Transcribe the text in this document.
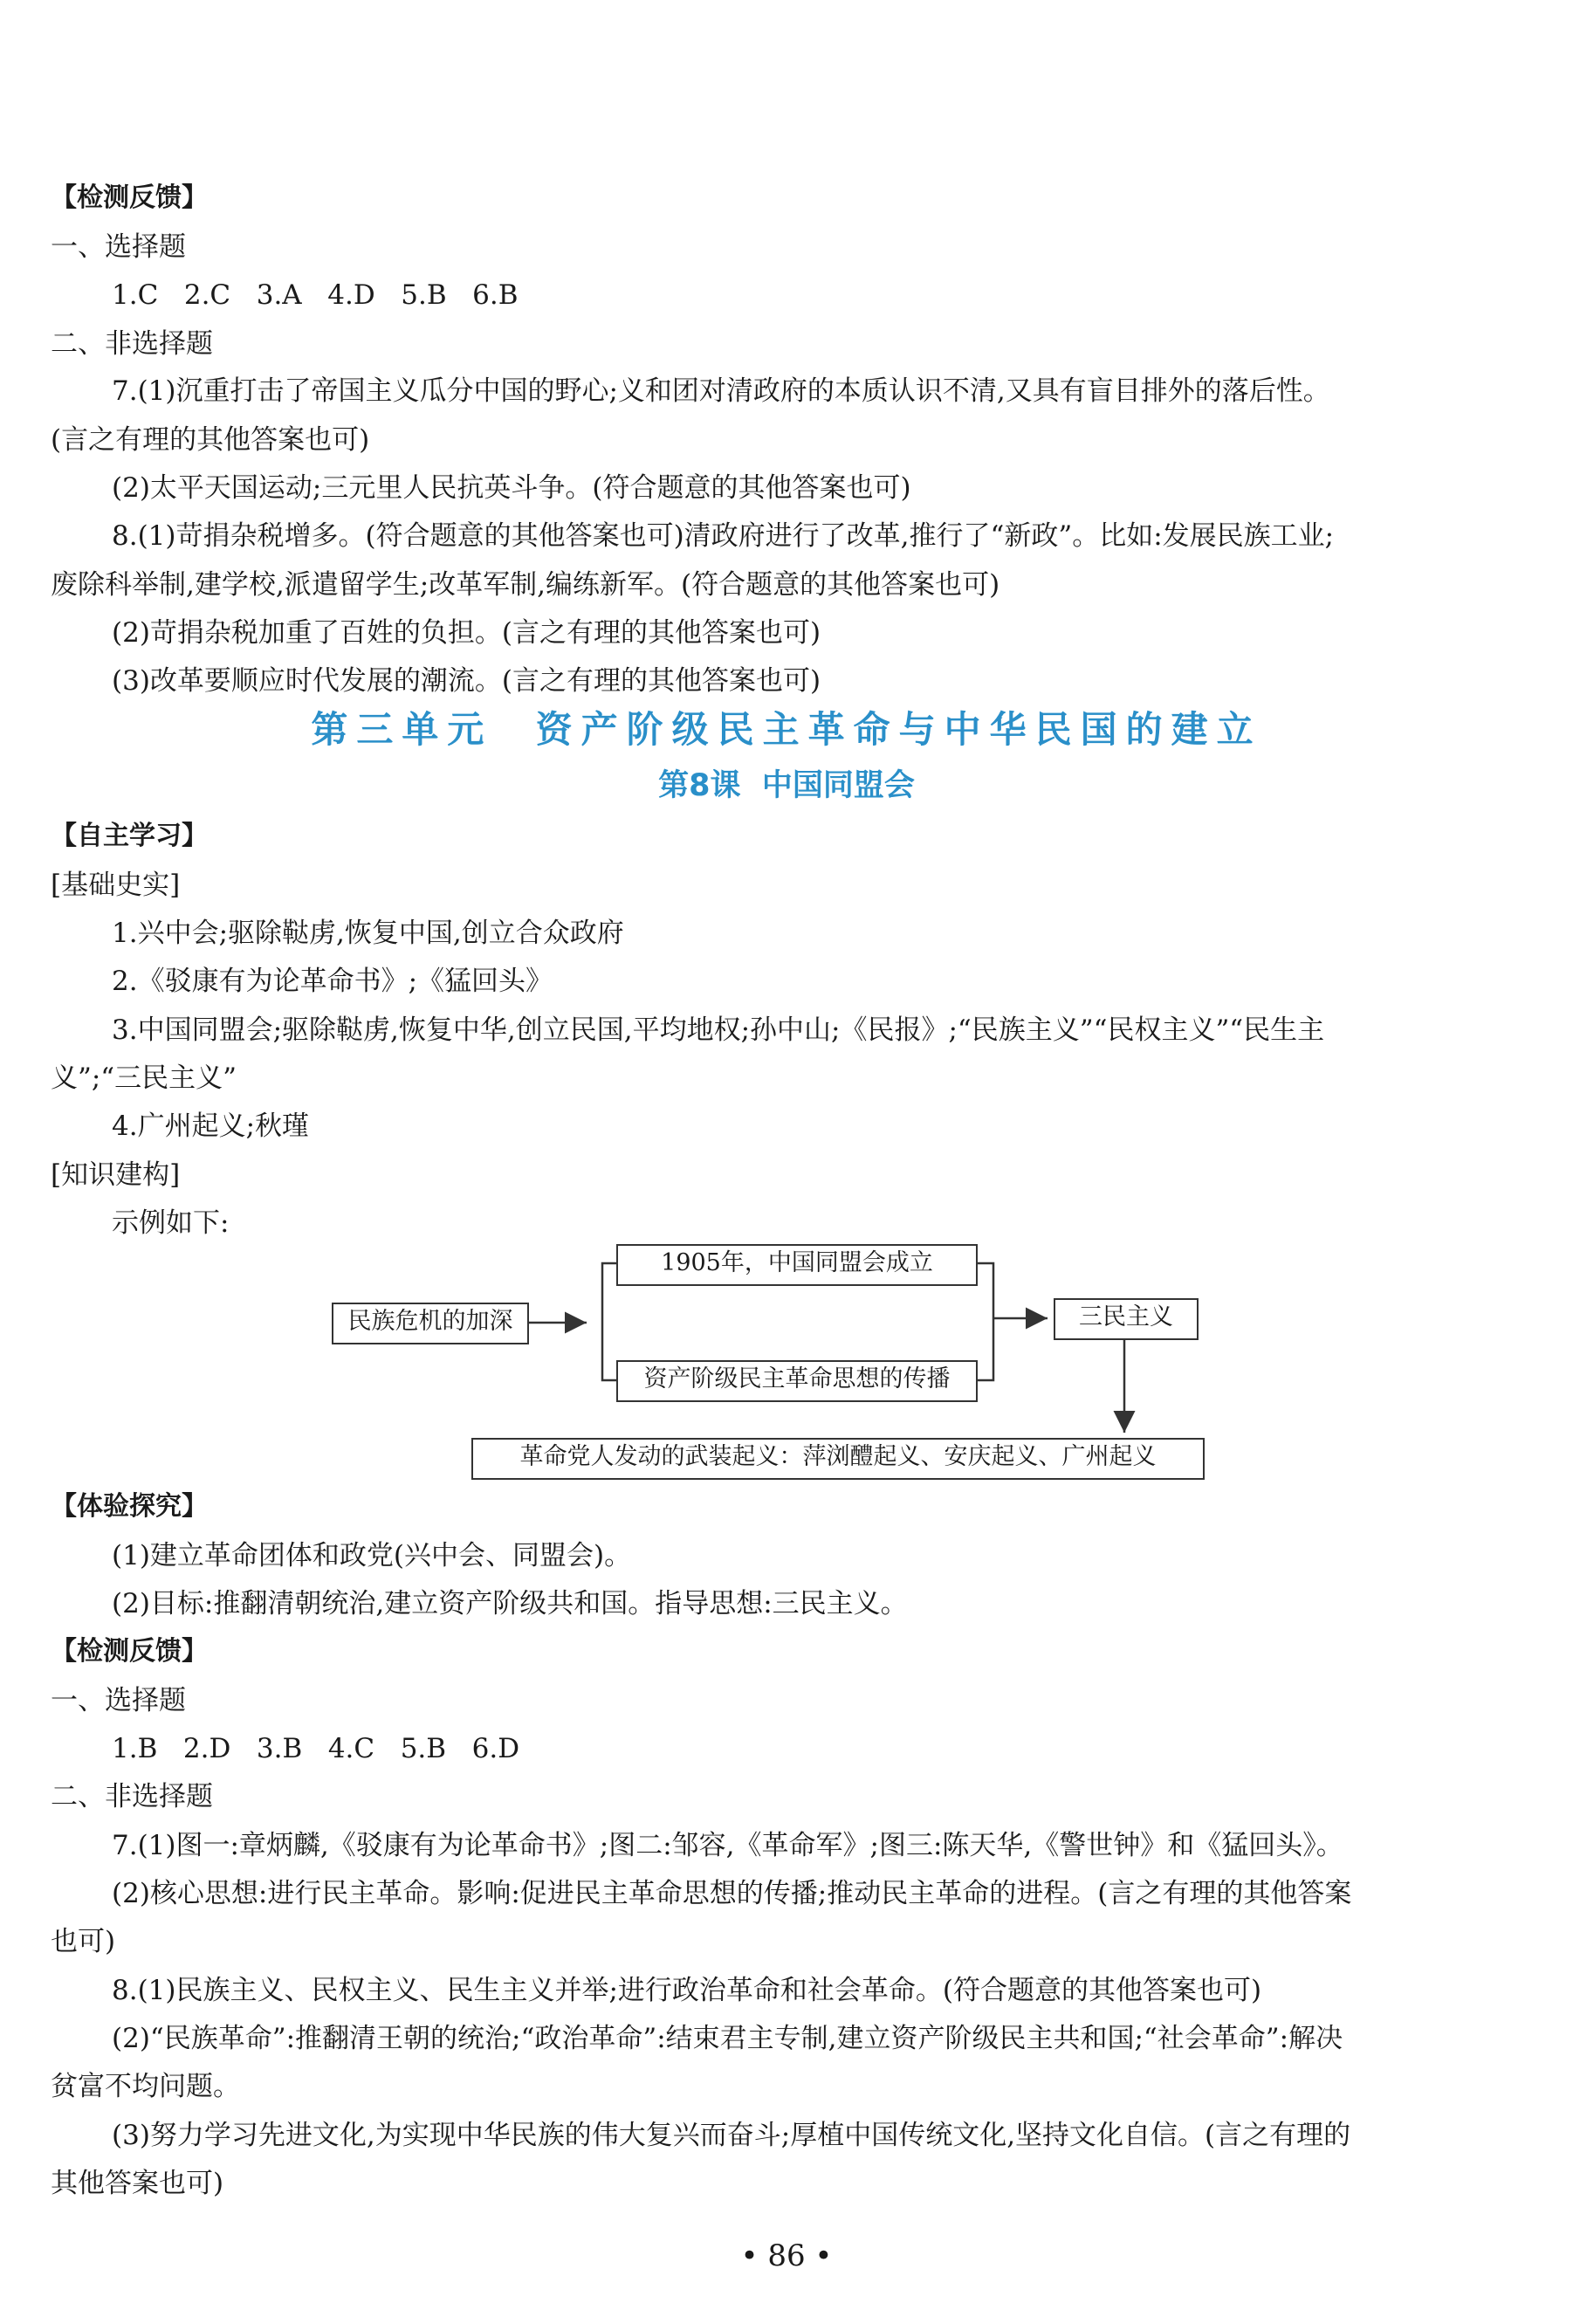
【检测反馈】
一、选择题
1.C   2.C   3.A   4.D   5.B   6.B
二、非选择题
7.(1)沉重打击了帝国主义瓜分中国的野心;义和团对清政府的本质认识不清,又具有盲目排外的落后性。
(言之有理的其他答案也可)
(2)太平天国运动;三元里人民抗英斗争。(符合题意的其他答案也可)
8.(1)苛捐杂税增多。(符合题意的其他答案也可)清政府进行了改革,推行了“新政”。比如:发展民族工业;
废除科举制,建学校,派遣留学生;改革军制,编练新军。(符合题意的其他答案也可)
(2)苛捐杂税加重了百姓的负担。(言之有理的其他答案也可)
(3)改革要顺应时代发展的潮流。(言之有理的其他答案也可)
第三单元  资产阶级民主革命与中华民国的建立
第8课  中国同盟会
【自主学习】
[基础史实]
1.兴中会;驱除鞑虏,恢复中国,创立合众政府
2.《驳康有为论革命书》;《猛回头》
3.中国同盟会;驱除鞑虏,恢复中华,创立民国,平均地权;孙中山;《民报》;“民族主义”“民权主义”“民生主
义”;“三民主义”
4.广州起义;秋瑾
[知识建构]
示例如下:
民族危机的加深
1905年，中国同盟会成立
资产阶级民主革命思想的传播
三民主义
革命党人发动的武装起义：萍浏醴起义、安庆起义、广州起义
【体验探究】
(1)建立革命团体和政党(兴中会、同盟会)。
(2)目标:推翻清朝统治,建立资产阶级共和国。指导思想:三民主义。
【检测反馈】
一、选择题
1.B   2.D   3.B   4.C   5.B   6.D
二、非选择题
7.(1)图一:章炳麟,《驳康有为论革命书》;图二:邹容,《革命军》;图三:陈天华,《警世钟》和《猛回头》。
(2)核心思想:进行民主革命。影响:促进民主革命思想的传播;推动民主革命的进程。(言之有理的其他答案
也可)
8.(1)民族主义、民权主义、民生主义并举;进行政治革命和社会革命。(符合题意的其他答案也可)
(2)“民族革命”:推翻清王朝的统治;“政治革命”:结束君主专制,建立资产阶级民主共和国;“社会革命”:解决
贫富不均问题。
(3)努力学习先进文化,为实现中华民族的伟大复兴而奋斗;厚植中国传统文化,坚持文化自信。(言之有理的
其他答案也可)
• 86 •
